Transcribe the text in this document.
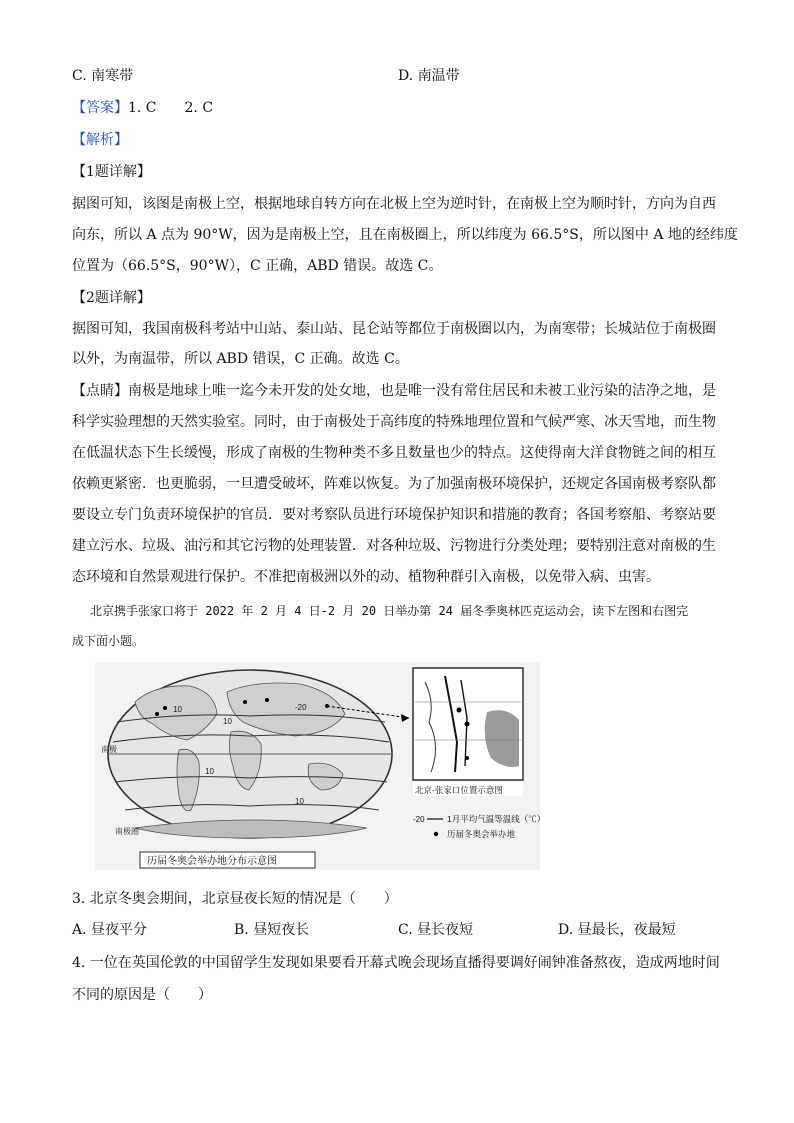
C. 南寒带	D. 南温带
【答案】1. C　　2. C
【解析】
【1题详解】
据图可知，该图是南极上空，根据地球自转方向在北极上空为逆时针，在南极上空为顺时针，方向为自西
向东，所以 A 点为 90°W，因为是南极上空，且在南极圈上，所以纬度为 66.5°S，所以图中 A 地的经纬度
位置为（66.5°S，90°W），C 正确，ABD 错误。故选 C。
【2题详解】
据图可知，我国南极科考站中山站、泰山站、昆仑站等都位于南极圈以内，为南寒带；长城站位于南极圈
以外，为南温带，所以 ABD 错误，C 正确。故选 C。
【点睛】南极是地球上唯一迄今未开发的处女地，也是唯一没有常住居民和未被工业污染的洁净之地，是
科学实验理想的天然实验室。同时，由于南极处于高纬度的特殊地理位置和气候严寒、冰天雪地，而生物
在低温状态下生长缓慢，形成了南极的生物种类不多且数量也少的特点。这使得南大洋食物链之间的相互
依赖更紧密．也更脆弱，一旦遭受破坏，阵难以恢复。为了加强南极环境保护，还规定各国南极考察队都
要设立专门负责环境保护的官员．要对考察队员进行环境保护知识和措施的教育；各国考察船、考察站要
建立污水、垃圾、油污和其它污物的处理装置．对各种垃圾、污物进行分类处理；要特别注意对南极的生
态环境和自然景观进行保护。不准把南极洲以外的动、植物种群引入南极，以免带入病、虫害。
北京携手张家口将于 2022 年 2 月 4 日-2 月 20 日举办第 24 届冬季奥林匹克运动会，读下左图和右图完
成下面小题。
10
10
-20
10
10
南极
南极圈
历届冬奥会举办地分布示意图
北京-张家口位置示意图
-20	1月平均气温等温线（℃）
历届冬奥会举办地
3. 北京冬奥会期间，北京昼夜长短的情况是（　　）
A. 昼夜平分	B. 昼短夜长	C. 昼长夜短	D. 昼最长，夜最短
4. 一位在英国伦敦的中国留学生发现如果要看开幕式晚会现场直播得要调好闹钟准备熬夜，造成两地时间
不同的原因是（　　）
